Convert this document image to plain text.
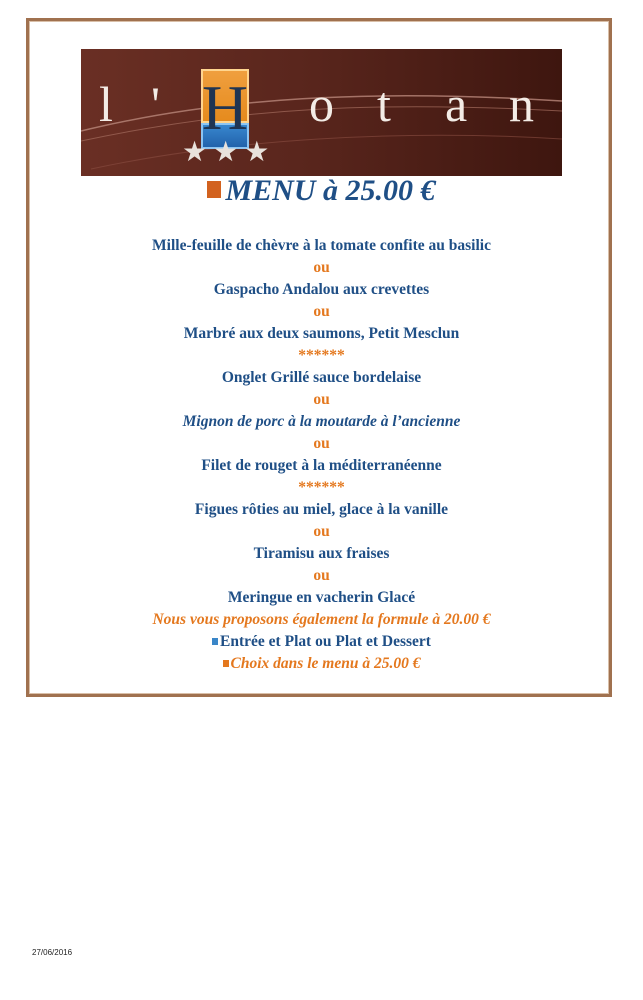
l ' H o t a n
★★★
MENU à 25.00 €
Mille-feuille de chèvre à la tomate confite au basilic
ou
Gaspacho Andalou aux crevettes
ou
Marbré aux deux saumons, Petit Mesclun
******
Onglet Grillé sauce bordelaise
ou
Mignon de porc à la moutarde à l’ancienne
ou
Filet de rouget à la méditerranéenne
******
Figues rôties au miel, glace à la vanille
ou
Tiramisu aux fraises
ou
Meringue en vacherin Glacé
Nous vous proposons également la formule à 20.00 €
Entrée et Plat ou Plat et Dessert
Choix dans le menu à 25.00 €
27/06/2016
